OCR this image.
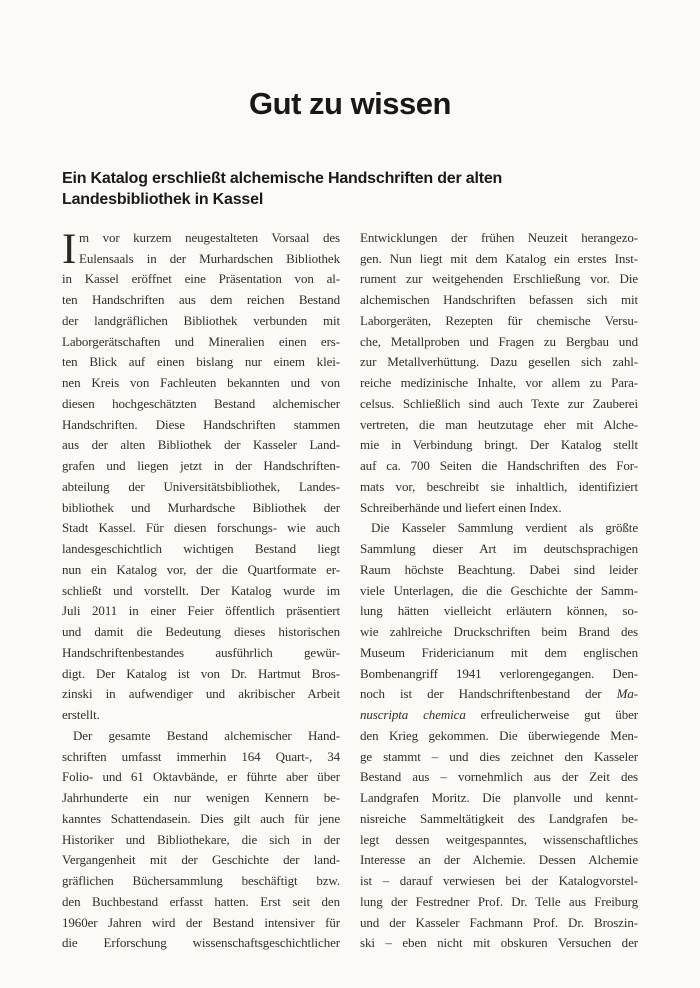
Gut zu wissen
Ein Katalog erschließt alchemische Handschriften der alten
Landesbibliothek in Kassel
I m vor kurzem neugestalteten Vorsaal des
Eulensaals in der Murhardschen Bibliothek
in Kassel eröffnet eine Präsentation von al-
ten Handschriften aus dem reichen Bestand
der landgräflichen Bibliothek verbunden mit
Laborgerätschaften und Mineralien einen ers-
ten Blick auf einen bislang nur einem klei-
nen Kreis von Fachleuten bekannten und von
diesen hochgeschätzten Bestand alchemischer
Handschriften. Diese Handschriften stammen
aus der alten Bibliothek der Kasseler Land-
grafen und liegen jetzt in der Handschriften-
abteilung der Universitätsbibliothek, Landes-
bibliothek und Murhardsche Bibliothek der
Stadt Kassel. Für diesen forschungs- wie auch
landesgeschichtlich wichtigen Bestand liegt
nun ein Katalog vor, der die Quartformate er-
schließt und vorstellt. Der Katalog wurde im
Juli 2011 in einer Feier öffentlich präsentiert
und damit die Bedeutung dieses historischen
Handschriftenbestandes ausführlich gewür-
digt. Der Katalog ist von Dr. Hartmut Bros-
zinski in aufwendiger und akribischer Arbeit
erstellt.
Der gesamte Bestand alchemischer Hand-
schriften umfasst immerhin 164 Quart-, 34
Folio- und 61 Oktavbände, er führte aber über
Jahrhunderte ein nur wenigen Kennern be-
kanntes Schattendasein. Dies gilt auch für jene
Historiker und Bibliothekare, die sich in der
Vergangenheit mit der Geschichte der land-
gräflichen Büchersammlung beschäftigt bzw.
den Buchbestand erfasst hatten. Erst seit den
1960er Jahren wird der Bestand intensiver für
die Erforschung wissenschaftsgeschichtlicher
Entwicklungen der frühen Neuzeit herangezo-
gen. Nun liegt mit dem Katalog ein erstes Inst-
rument zur weitgehenden Erschließung vor. Die
alchemischen Handschriften befassen sich mit
Laborgeräten, Rezepten für chemische Versu-
che, Metallproben und Fragen zu Bergbau und
zur Metallverhüttung. Dazu gesellen sich zahl-
reiche medizinische Inhalte, vor allem zu Para-
celsus. Schließlich sind auch Texte zur Zauberei
vertreten, die man heutzutage eher mit Alche-
mie in Verbindung bringt. Der Katalog stellt
auf ca. 700 Seiten die Handschriften des For-
mats vor, beschreibt sie inhaltlich, identifiziert
Schreiberhände und liefert einen Index.
Die Kasseler Sammlung verdient als größte
Sammlung dieser Art im deutschsprachigen
Raum höchste Beachtung. Dabei sind leider
viele Unterlagen, die die Geschichte der Samm-
lung hätten vielleicht erläutern können, so-
wie zahlreiche Druckschriften beim Brand des
Museum Fridericianum mit dem englischen
Bombenangriff 1941 verlorengegangen. Den-
noch ist der Handschriftenbestand der Ma-
nuscripta chemica erfreulicherweise gut über
den Krieg gekommen. Die überwiegende Men-
ge stammt – und dies zeichnet den Kasseler
Bestand aus – vornehmlich aus der Zeit des
Landgrafen Moritz. Die planvolle und kennt-
nisreiche Sammeltätigkeit des Landgrafen be-
legt dessen weitgespanntes, wissenschaftliches
Interesse an der Alchemie. Dessen Alchemie
ist – darauf verwiesen bei der Katalogvorstel-
lung der Festredner Prof. Dr. Telle aus Freiburg
und der Kasseler Fachmann Prof. Dr. Broszin-
ski – eben nicht mit obskuren Versuchen der
